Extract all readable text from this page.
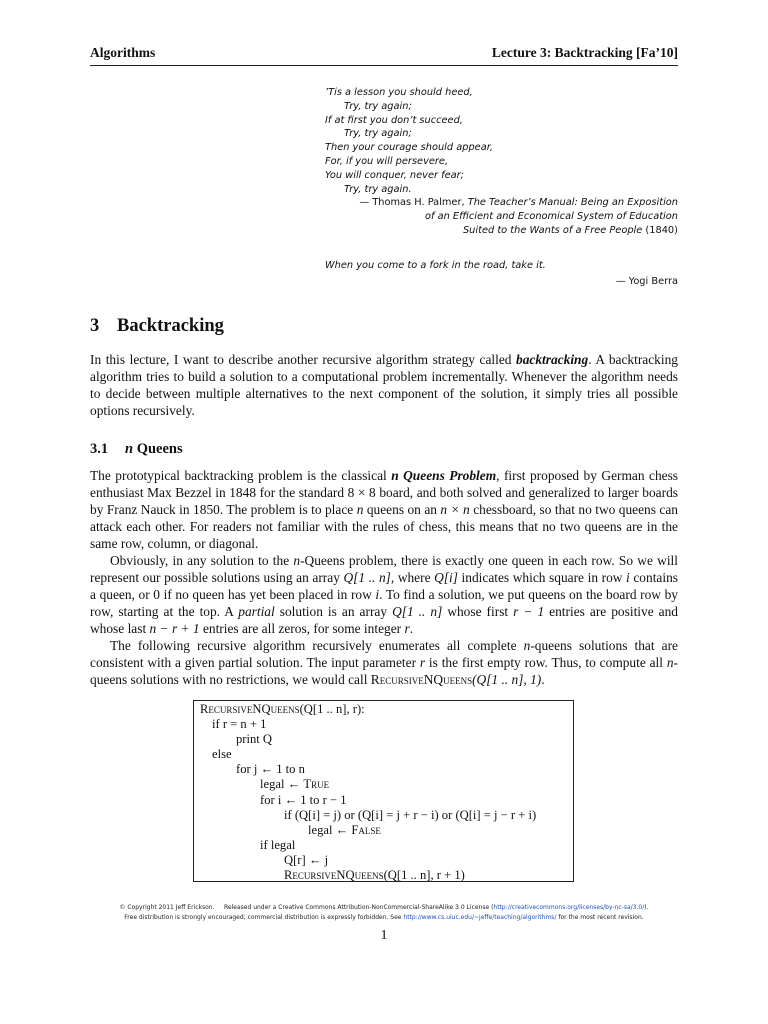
Algorithms	Lecture 3: Backtracking [Fa’10]
’Tis a lesson you should heed,
Try, try again;
If at first you don’t succeed,
Try, try again;
Then your courage should appear,
For, if you will persevere,
You will conquer, never fear;
Try, try again.
— Thomas H. Palmer, The Teacher’s Manual: Being an Exposition
of an Efficient and Economical System of Education
Suited to the Wants of a Free People (1840)
When you come to a fork in the road, take it.
— Yogi Berra
3 Backtracking
In this lecture, I want to describe another recursive algorithm strategy called backtracking. A backtracking algorithm tries to build a solution to a computational problem incrementally. Whenever the algorithm needs to decide between multiple alternatives to the next component of the solution, it simply tries all possible options recursively.
3.1 n Queens
The prototypical backtracking problem is the classical n Queens Problem, first proposed by German chess enthusiast Max Bezzel in 1848 for the standard 8 × 8 board, and both solved and generalized to larger boards by Franz Nauck in 1850. The problem is to place n queens on an n × n chessboard, so that no two queens can attack each other. For readers not familiar with the rules of chess, this means that no two queens are in the same row, column, or diagonal.
Obviously, in any solution to the n-Queens problem, there is exactly one queen in each row. So we will represent our possible solutions using an array Q[1 .. n], where Q[i] indicates which square in row i contains a queen, or 0 if no queen has yet been placed in row i. To find a solution, we put queens on the board row by row, starting at the top. A partial solution is an array Q[1 .. n] whose first r − 1 entries are positive and whose last n − r + 1 entries are all zeros, for some integer r.
The following recursive algorithm recursively enumerates all complete n-queens solutions that are consistent with a given partial solution. The input parameter r is the first empty row. Thus, to compute all n-queens solutions with no restrictions, we would call RecursiveNQueens(Q[1 .. n], 1).
RecursiveNQueens(Q[1 .. n], r):
if r = n + 1
print Q
else
for j ← 1 to n
legal ← True
for i ← 1 to r − 1
if (Q[i] = j) or (Q[i] = j + r − i) or (Q[i] = j − r + i)
legal ← False
if legal
Q[r] ← j
RecursiveNQueens(Q[1 .. n], r + 1)
© Copyright 2011 Jeff Erickson. Released under a Creative Commons Attribution-NonCommercial-ShareAlike 3.0 License (http://creativecommons.org/licenses/by-nc-sa/3.0/).
Free distribution is strongly encouraged; commercial distribution is expressly forbidden. See http://www.cs.uiuc.edu/~jeffe/teaching/algorithms/ for the most recent revision.
1
